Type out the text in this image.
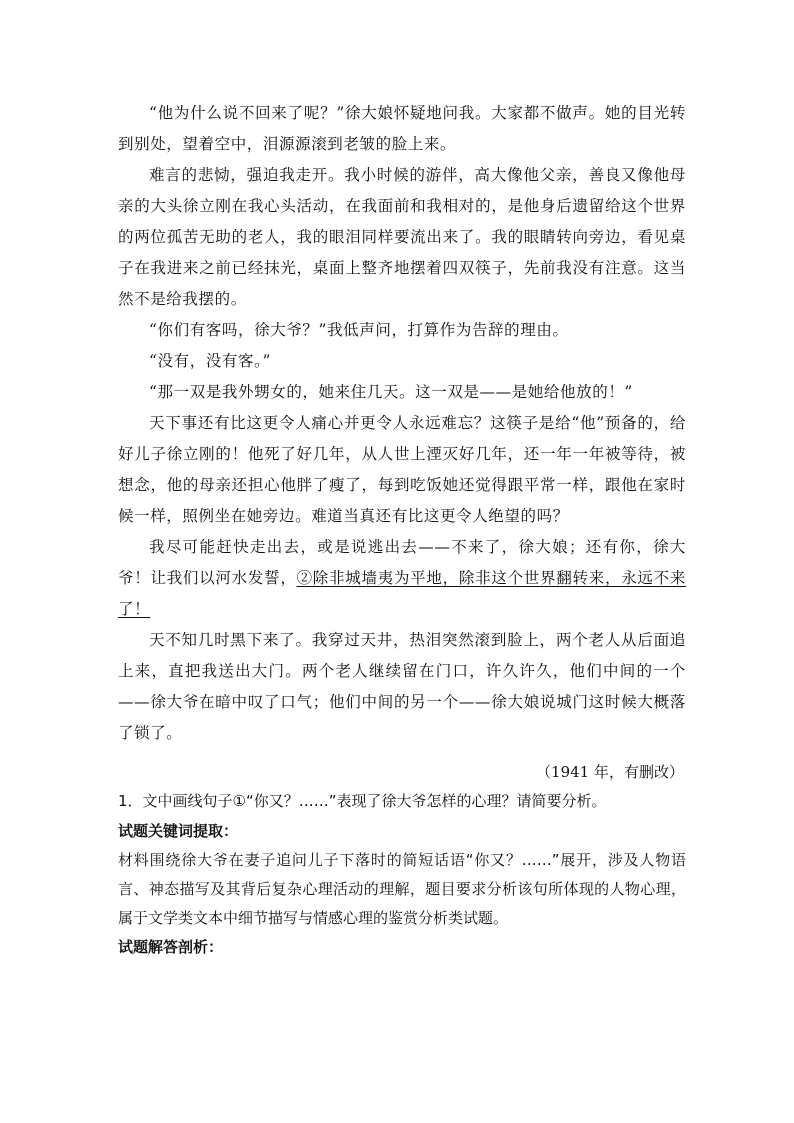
“他为什么说不回来了呢？”徐大娘怀疑地问我。大家都不做声。她的目光转到别处，望着空中，泪源源滚到老皱的脸上来。

难言的悲恸，强迫我走开。我小时候的游伴，高大像他父亲，善良又像他母亲的大头徐立刚在我心头活动，在我面前和我相对的，是他身后遗留给这个世界的两位孤苦无助的老人，我的眼泪同样要流出来了。我的眼睛转向旁边，看见桌子在我进来之前已经抹光，桌面上整齐地摆着四双筷子，先前我没有注意。这当然不是给我摆的。

“你们有客吗，徐大爷？”我低声问，打算作为告辞的理由。

“没有，没有客。”

“那一双是我外甥女的，她来住几天。这一双是——是她给他放的！”

天下事还有比这更令人痛心并更令人永远难忘？这筷子是给“他”预备的，给好儿子徐立刚的！他死了好几年，从人世上湮灭好几年，还一年一年被等待，被想念，他的母亲还担心他胖了瘦了，每到吃饭她还觉得跟平常一样，跟他在家时候一样，照例坐在她旁边。难道当真还有比这更令人绝望的吗？

我尽可能赶快走出去，或是说逃出去——不来了，徐大娘；还有你，徐大爷！让我们以河水发誓，②除非城墙夷为平地，除非这个世界翻转来，永远不来了！

天不知几时黑下来了。我穿过天井，热泪突然滚到脸上，两个老人从后面追上来，直把我送出大门。两个老人继续留在门口，许久许久，他们中间的一个——徐大爷在暗中叹了口气；他们中间的另一个——徐大娘说城门这时候大概落了锁了。

（1941 年，有删改）

1．文中画线句子①“你又？……”表现了徐大爷怎样的心理？请简要分析。

试题关键词提取：

材料围绕徐大爷在妻子追问儿子下落时的简短话语“你又？……”展开，涉及人物语言、神态描写及其背后复杂心理活动的理解，题目要求分析该句所体现的人物心理，属于文学类文本中细节描写与情感心理的鉴赏分析类试题。

试题解答剖析：
